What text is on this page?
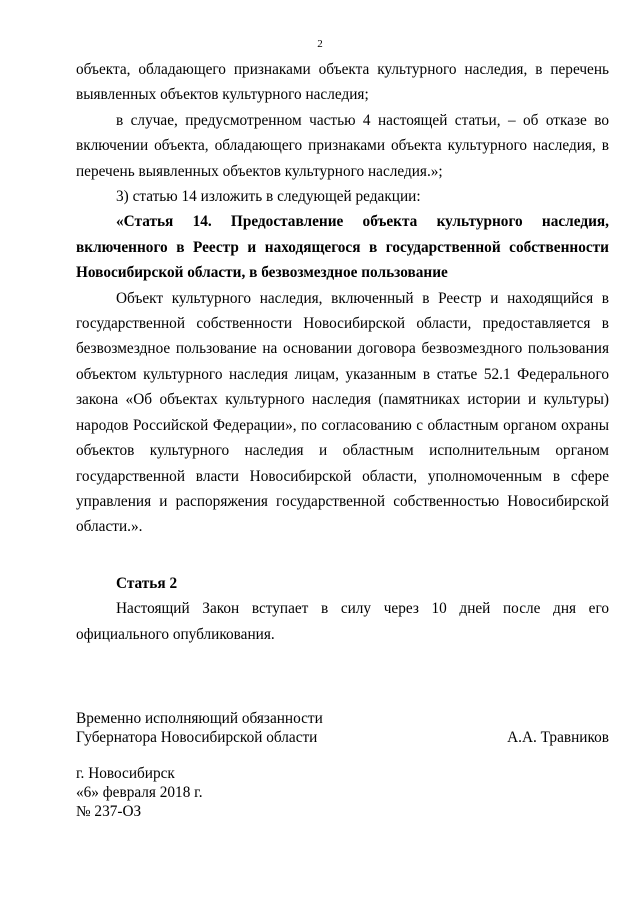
2

объекта, обладающего признаками объекта культурного наследия, в перечень выявленных объектов культурного наследия;

в случае, предусмотренном частью 4 настоящей статьи, – об отказе во включении объекта, обладающего признаками объекта культурного наследия, в перечень выявленных объектов культурного наследия.»;

3) статью 14 изложить в следующей редакции:

«Статья 14. Предоставление объекта культурного наследия, включенного в Реестр и находящегося в государственной собственности Новосибирской области, в безвозмездное пользование

Объект культурного наследия, включенный в Реестр и находящийся в государственной собственности Новосибирской области, предоставляется в безвозмездное пользование на основании договора безвозмездного пользования объектом культурного наследия лицам, указанным в статье 52.1 Федерального закона «Об объектах культурного наследия (памятниках истории и культуры) народов Российской Федерации», по согласованию с областным органом охраны объектов культурного наследия и областным исполнительным органом государственной власти Новосибирской области, уполномоченным в сфере управления и распоряжения государственной собственностью Новосибирской области.».

Статья 2

Настоящий Закон вступает в силу через 10 дней после дня его официального опубликования.

Временно исполняющий обязанности
Губернатора Новосибирской области	А.А. Травников
г. Новосибирск
«6» февраля 2018 г.
№ 237-ОЗ
